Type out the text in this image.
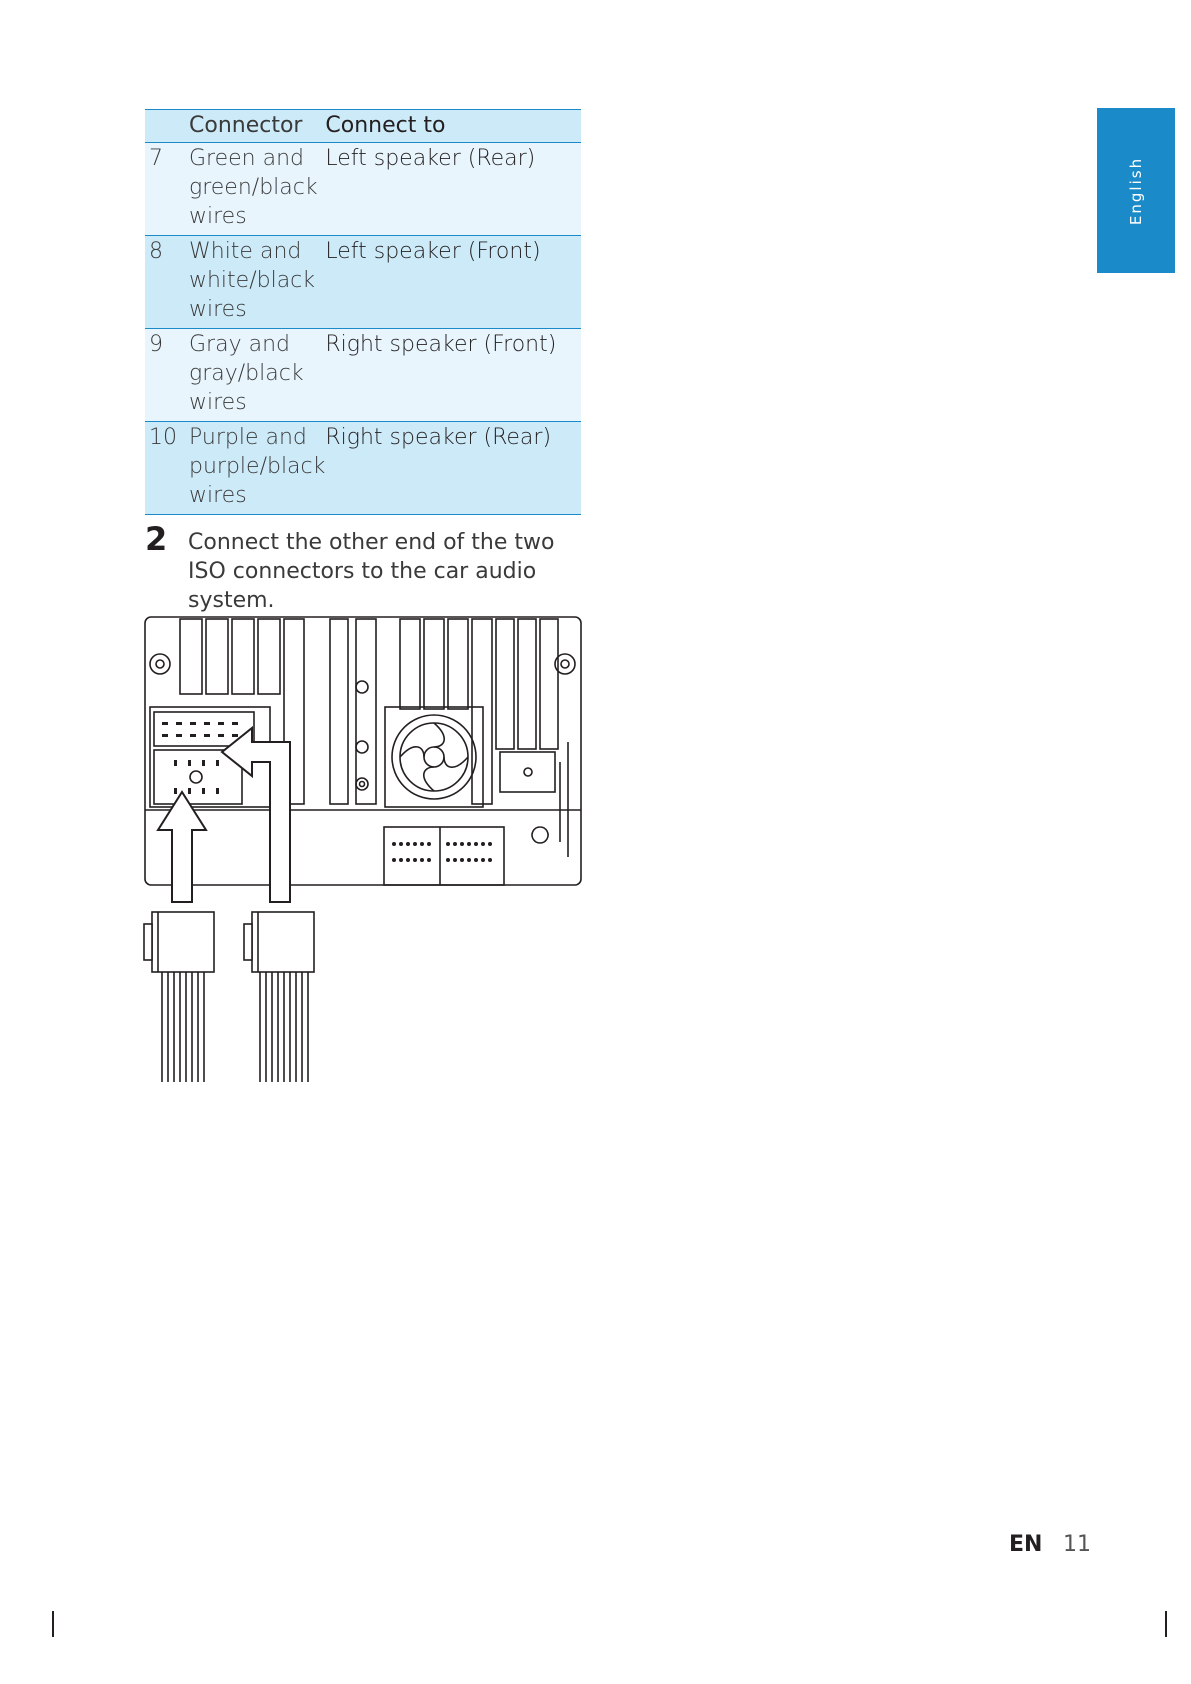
	Connector	Connect to
7	Green and green/black wires	Left speaker (Rear)
8	White and white/black wires	Left speaker (Front)
9	Gray and gray/black wires	Right speaker (Front)
10	Purple and purple/black wires	Right speaker (Rear)
2 Connect the other end of the two ISO connectors to the car audio system.
English
EN 11
